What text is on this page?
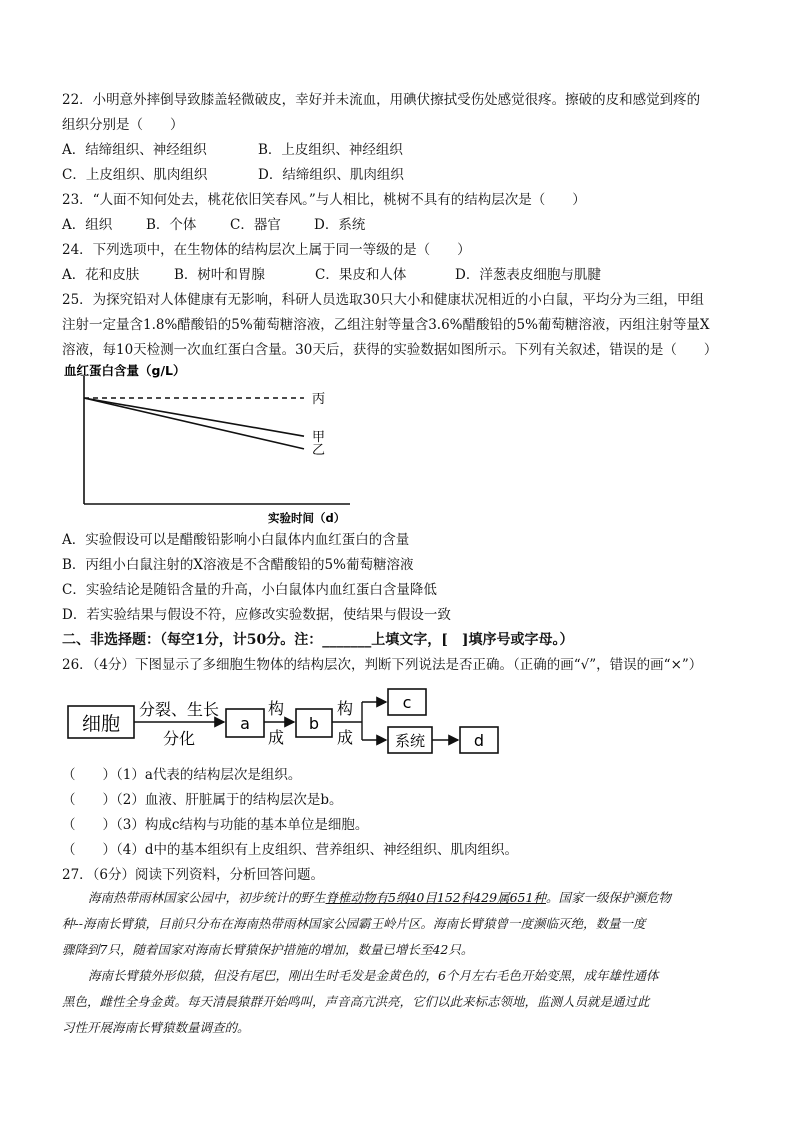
22．小明意外摔倒导致膝盖轻微破皮，幸好并未流血，用碘伏擦拭受伤处感觉很疼。擦破的皮和感觉到疼的
组织分别是（　　）
A．结缔组织、神经组织	B．上皮组织、神经组织
C．上皮组织、肌肉组织	D．结缔组织、肌肉组织
23．“人面不知何处去，桃花依旧笑春风。”与人相比，桃树不具有的结构层次是（　　）
A．组织	B．个体 C．器官 D．系统
24．下列选项中，在生物体的结构层次上属于同一等级的是（　　）
A．花和皮肤	B．树叶和胃腺	C．果皮和人体	D．洋葱表皮细胞与肌腱
25．为探究铅对人体健康有无影响，科研人员选取30只大小和健康状况相近的小白鼠，平均分为三组，甲组
注射一定量含1.8%醋酸铅的5%葡萄糖溶液，乙组注射等量含3.6%醋酸铅的5%葡萄糖溶液，丙组注射等量X
溶液，每10天检测一次血红蛋白含量。30天后，获得的实验数据如图所示。下列有关叙述，错误的是（　　）
血红蛋白含量（g/L）
实验时间（d）
丙
甲
乙
A．实验假设可以是醋酸铅影响小白鼠体内血红蛋白的含量
B．丙组小白鼠注射的X溶液是不含醋酸铅的5%葡萄糖溶液
C．实验结论是随铅含量的升高，小白鼠体内血红蛋白含量降低
D．若实验结果与假设不符，应修改实验数据，使结果与假设一致
二、非选择题：（每空1分，计50分。注：_______上填文字，[　]填序号或字母。）
26．（4分）下图显示了多细胞生物体的结构层次，判断下列说法是否正确。（正确的画“√”，错误的画“×”）
细胞
分裂、生长
分化
a
构
成
b
构
成
c
系统	d
（　　）（1）a代表的结构层次是组织。
（　　）（2）血液、肝脏属于的结构层次是b。
（　　）（3）构成c结构与功能的基本单位是细胞。
（　　）（4）d中的基本组织有上皮组织、营养组织、神经组织、肌肉组织。
27．（6分）阅读下列资料，分析回答问题。
海南热带雨林国家公园中，初步统计的野生脊椎动物有5纲40目152科429属651种。国家一级保护濒危物
种--海南长臂猿，目前只分布在海南热带雨林国家公园霸王岭片区。海南长臂猿曾一度濒临灭绝，数量一度
骤降到7只，随着国家对海南长臂猿保护措施的增加，数量已增长至42只。
海南长臂猿外形似猿，但没有尾巴，刚出生时毛发是金黄色的，6个月左右毛色开始变黑，成年雄性通体
黑色，雌性全身金黄。每天清晨猿群开始鸣叫，声音高亢洪亮，它们以此来标志领地，监测人员就是通过此
习性开展海南长臂猿数量调查的。
